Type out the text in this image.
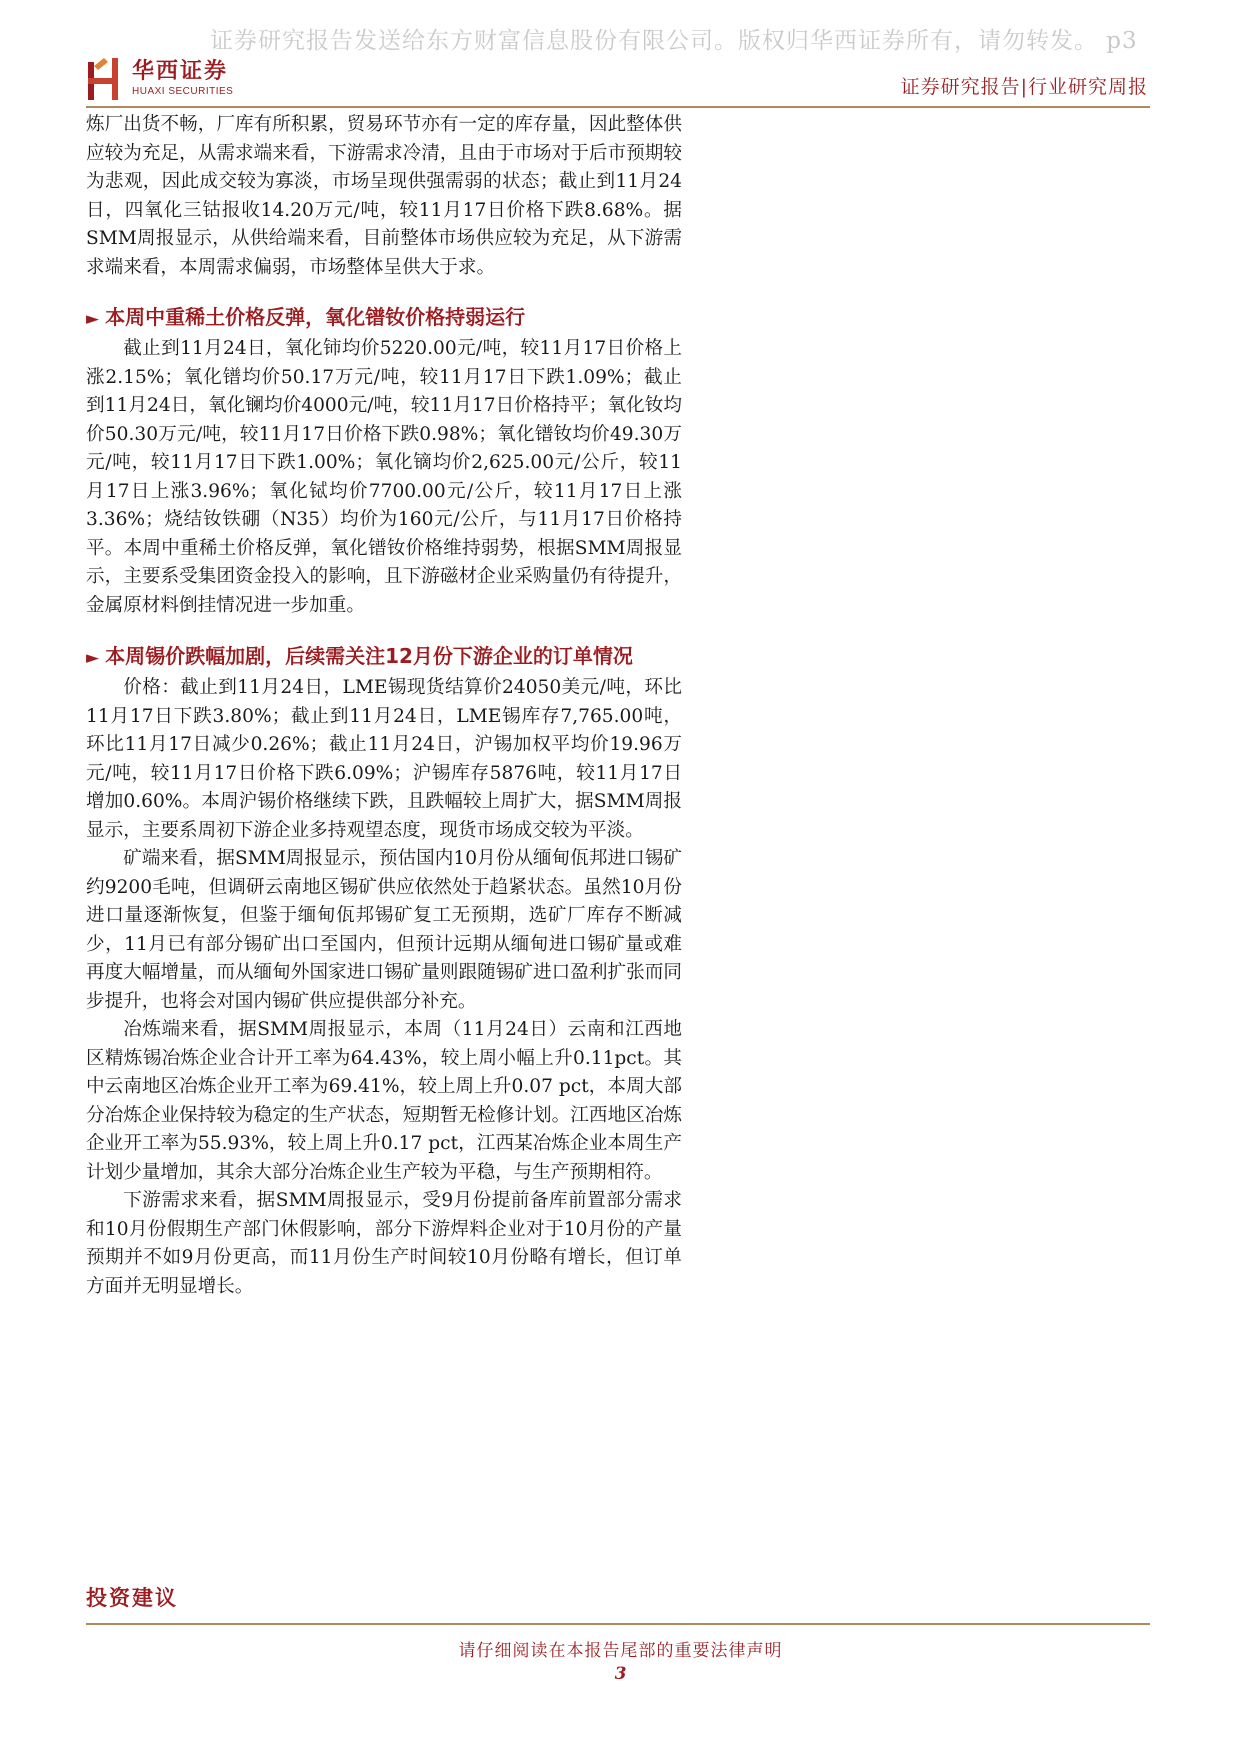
证券研究报告发送给东方财富信息股份有限公司。版权归华西证券所有，请勿转发。 p3
华西证券
HUAXI SECURITIES	证券研究报告|行业研究周报

炼厂出货不畅，厂库有所积累，贸易环节亦有一定的库存量，因此整体供应较为充足，从需求端来看，下游需求冷清，且由于市场对于后市预期较为悲观，因此成交较为寡淡，市场呈现供强需弱的状态；截止到11月24日，四氧化三钴报收14.20万元/吨，较11月17日价格下跌8.68%。据SMM周报显示，从供给端来看，目前整体市场供应较为充足，从下游需求端来看，本周需求偏弱，市场整体呈供大于求。

► 本周中重稀土价格反弹，氧化镨钕价格持弱运行

截止到11月24日，氧化铈均价5220.00元/吨，较11月17日价格上涨2.15%；氧化镨均价50.17万元/吨，较11月17日下跌1.09%；截止到11月24日，氧化镧均价4000元/吨，较11月17日价格持平；氧化钕均价50.30万元/吨，较11月17日价格下跌0.98%；氧化镨钕均价49.30万元/吨，较11月17日下跌1.00%；氧化镝均价2,625.00元/公斤，较11月17日上涨3.96%；氧化铽均价7700.00元/公斤，较11月17日上涨3.36%；烧结钕铁硼（N35）均价为160元/公斤，与11月17日价格持平。本周中重稀土价格反弹，氧化镨钕价格维持弱势，根据SMM周报显示，主要系受集团资金投入的影响，且下游磁材企业采购量仍有待提升，金属原材料倒挂情况进一步加重。

► 本周锡价跌幅加剧，后续需关注12月份下游企业的订单情况

价格：截止到11月24日，LME锡现货结算价24050美元/吨，环比11月17日下跌3.80%；截止到11月24日，LME锡库存7,765.00吨，环比11月17日减少0.26%；截止11月24日，沪锡加权平均价19.96万元/吨，较11月17日价格下跌6.09%；沪锡库存5876吨，较11月17日增加0.60%。本周沪锡价格继续下跌，且跌幅较上周扩大，据SMM周报显示，主要系周初下游企业多持观望态度，现货市场成交较为平淡。

矿端来看，据SMM周报显示，预估国内10月份从缅甸佤邦进口锡矿约9200毛吨，但调研云南地区锡矿供应依然处于趋紧状态。虽然10月份进口量逐渐恢复，但鉴于缅甸佤邦锡矿复工无预期，选矿厂库存不断减少，11月已有部分锡矿出口至国内，但预计远期从缅甸进口锡矿量或难再度大幅增量，而从缅甸外国家进口锡矿量则跟随锡矿进口盈利扩张而同步提升，也将会对国内锡矿供应提供部分补充。

冶炼端来看，据SMM周报显示，本周（11月24日）云南和江西地区精炼锡冶炼企业合计开工率为64.43%，较上周小幅上升0.11pct。其中云南地区冶炼企业开工率为69.41%，较上周上升0.07 pct，本周大部分冶炼企业保持较为稳定的生产状态，短期暂无检修计划。江西地区冶炼企业开工率为55.93%，较上周上升0.17 pct，江西某冶炼企业本周生产计划少量增加，其余大部分冶炼企业生产较为平稳，与生产预期相符。

下游需求来看，据SMM周报显示，受9月份提前备库前置部分需求和10月份假期生产部门休假影响，部分下游焊料企业对于10月份的产量预期并不如9月份更高，而11月份生产时间较10月份略有增长，但订单方面并无明显增长。

投资建议
请仔细阅读在本报告尾部的重要法律声明
3
